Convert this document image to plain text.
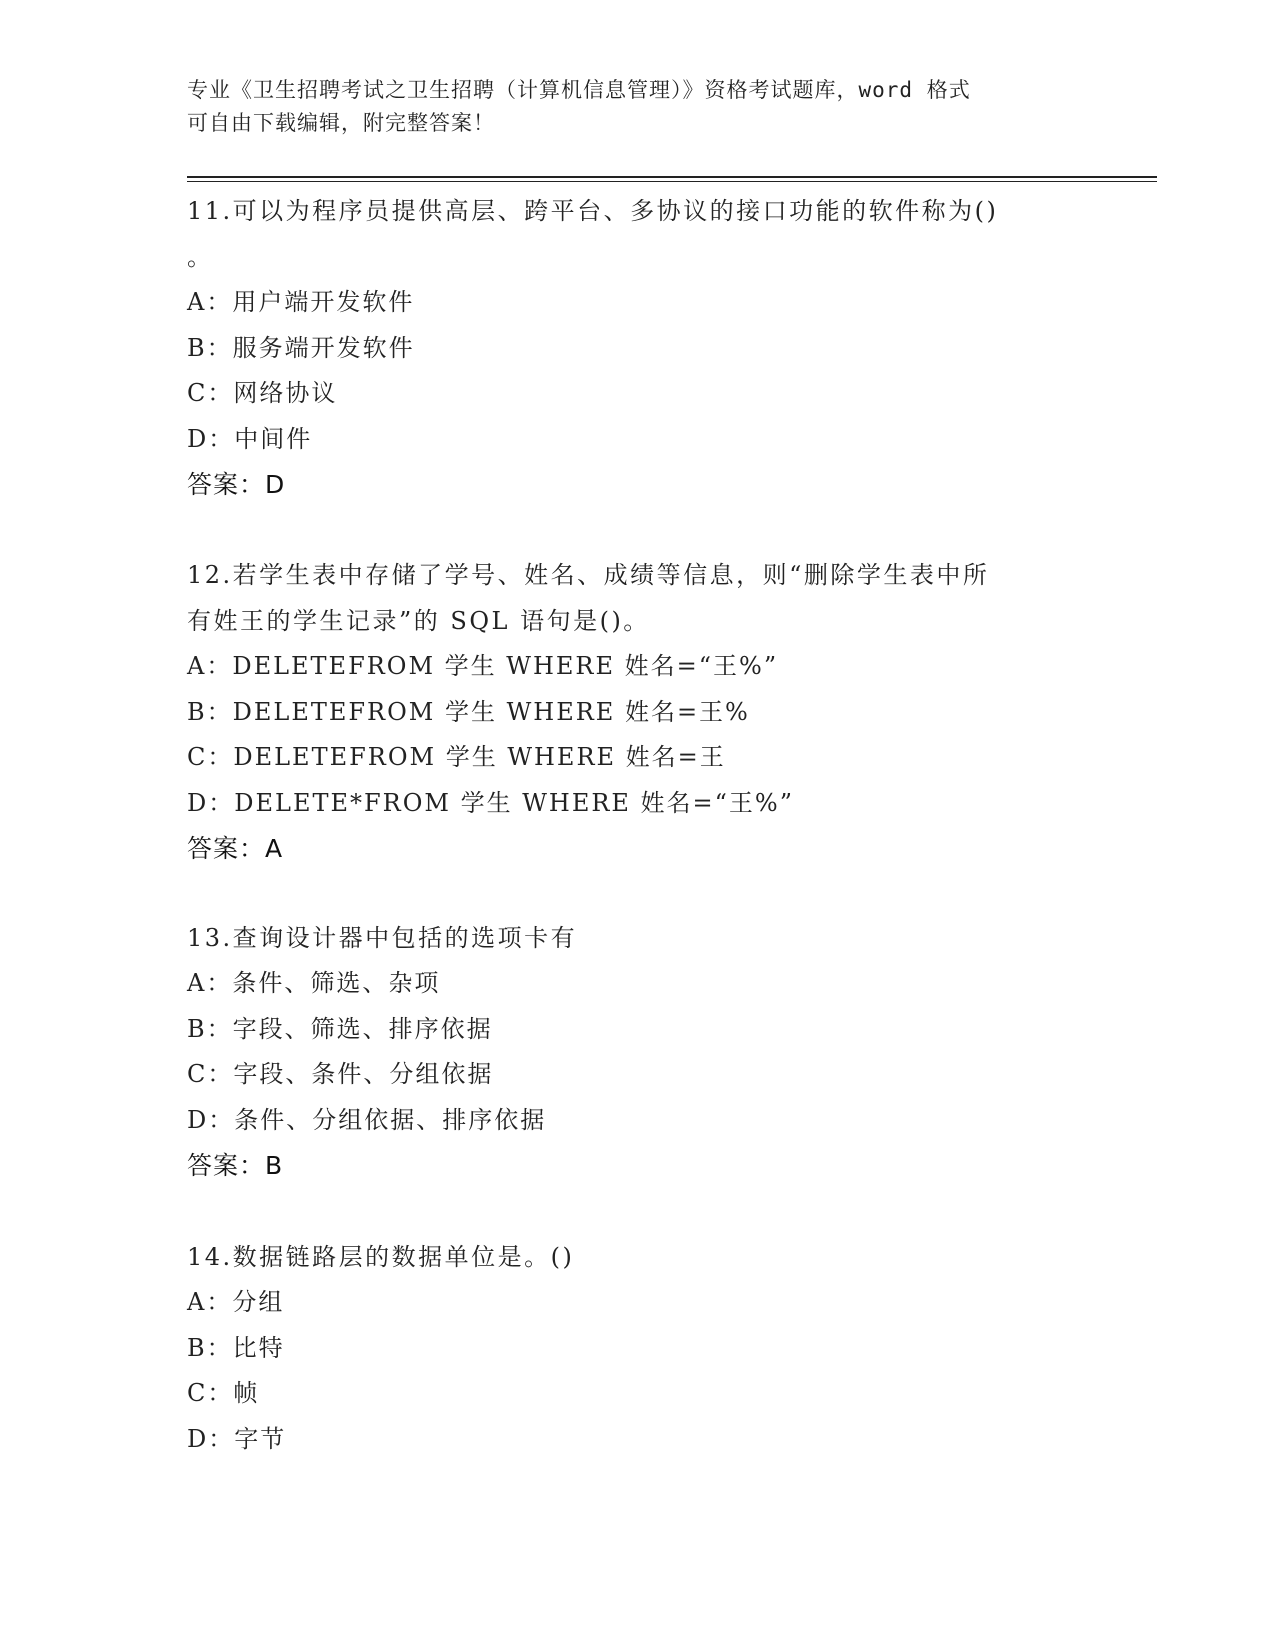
专业《卫生招聘考试之卫生招聘（计算机信息管理）》资格考试题库，word 格式
可自由下载编辑，附完整答案！
11.可以为程序员提供高层、跨平台、多协议的接口功能的软件称为()
。
A：用户端开发软件
B：服务端开发软件
C：网络协议
D：中间件
答案：D
12.若学生表中存储了学号、姓名、成绩等信息，则“删除学生表中所
有姓王的学生记录”的 SQL 语句是()。
A：DELETEFROM 学生 WHERE 姓名=“王%”
B：DELETEFROM 学生 WHERE 姓名=王%
C：DELETEFROM 学生 WHERE 姓名=王
D：DELETE*FROM 学生 WHERE 姓名=“王%”
答案：A
13.查询设计器中包括的选项卡有
A：条件、筛选、杂项
B：字段、筛选、排序依据
C：字段、条件、分组依据
D：条件、分组依据、排序依据
答案：B
14.数据链路层的数据单位是。()
A：分组
B：比特
C：帧
D：字节
